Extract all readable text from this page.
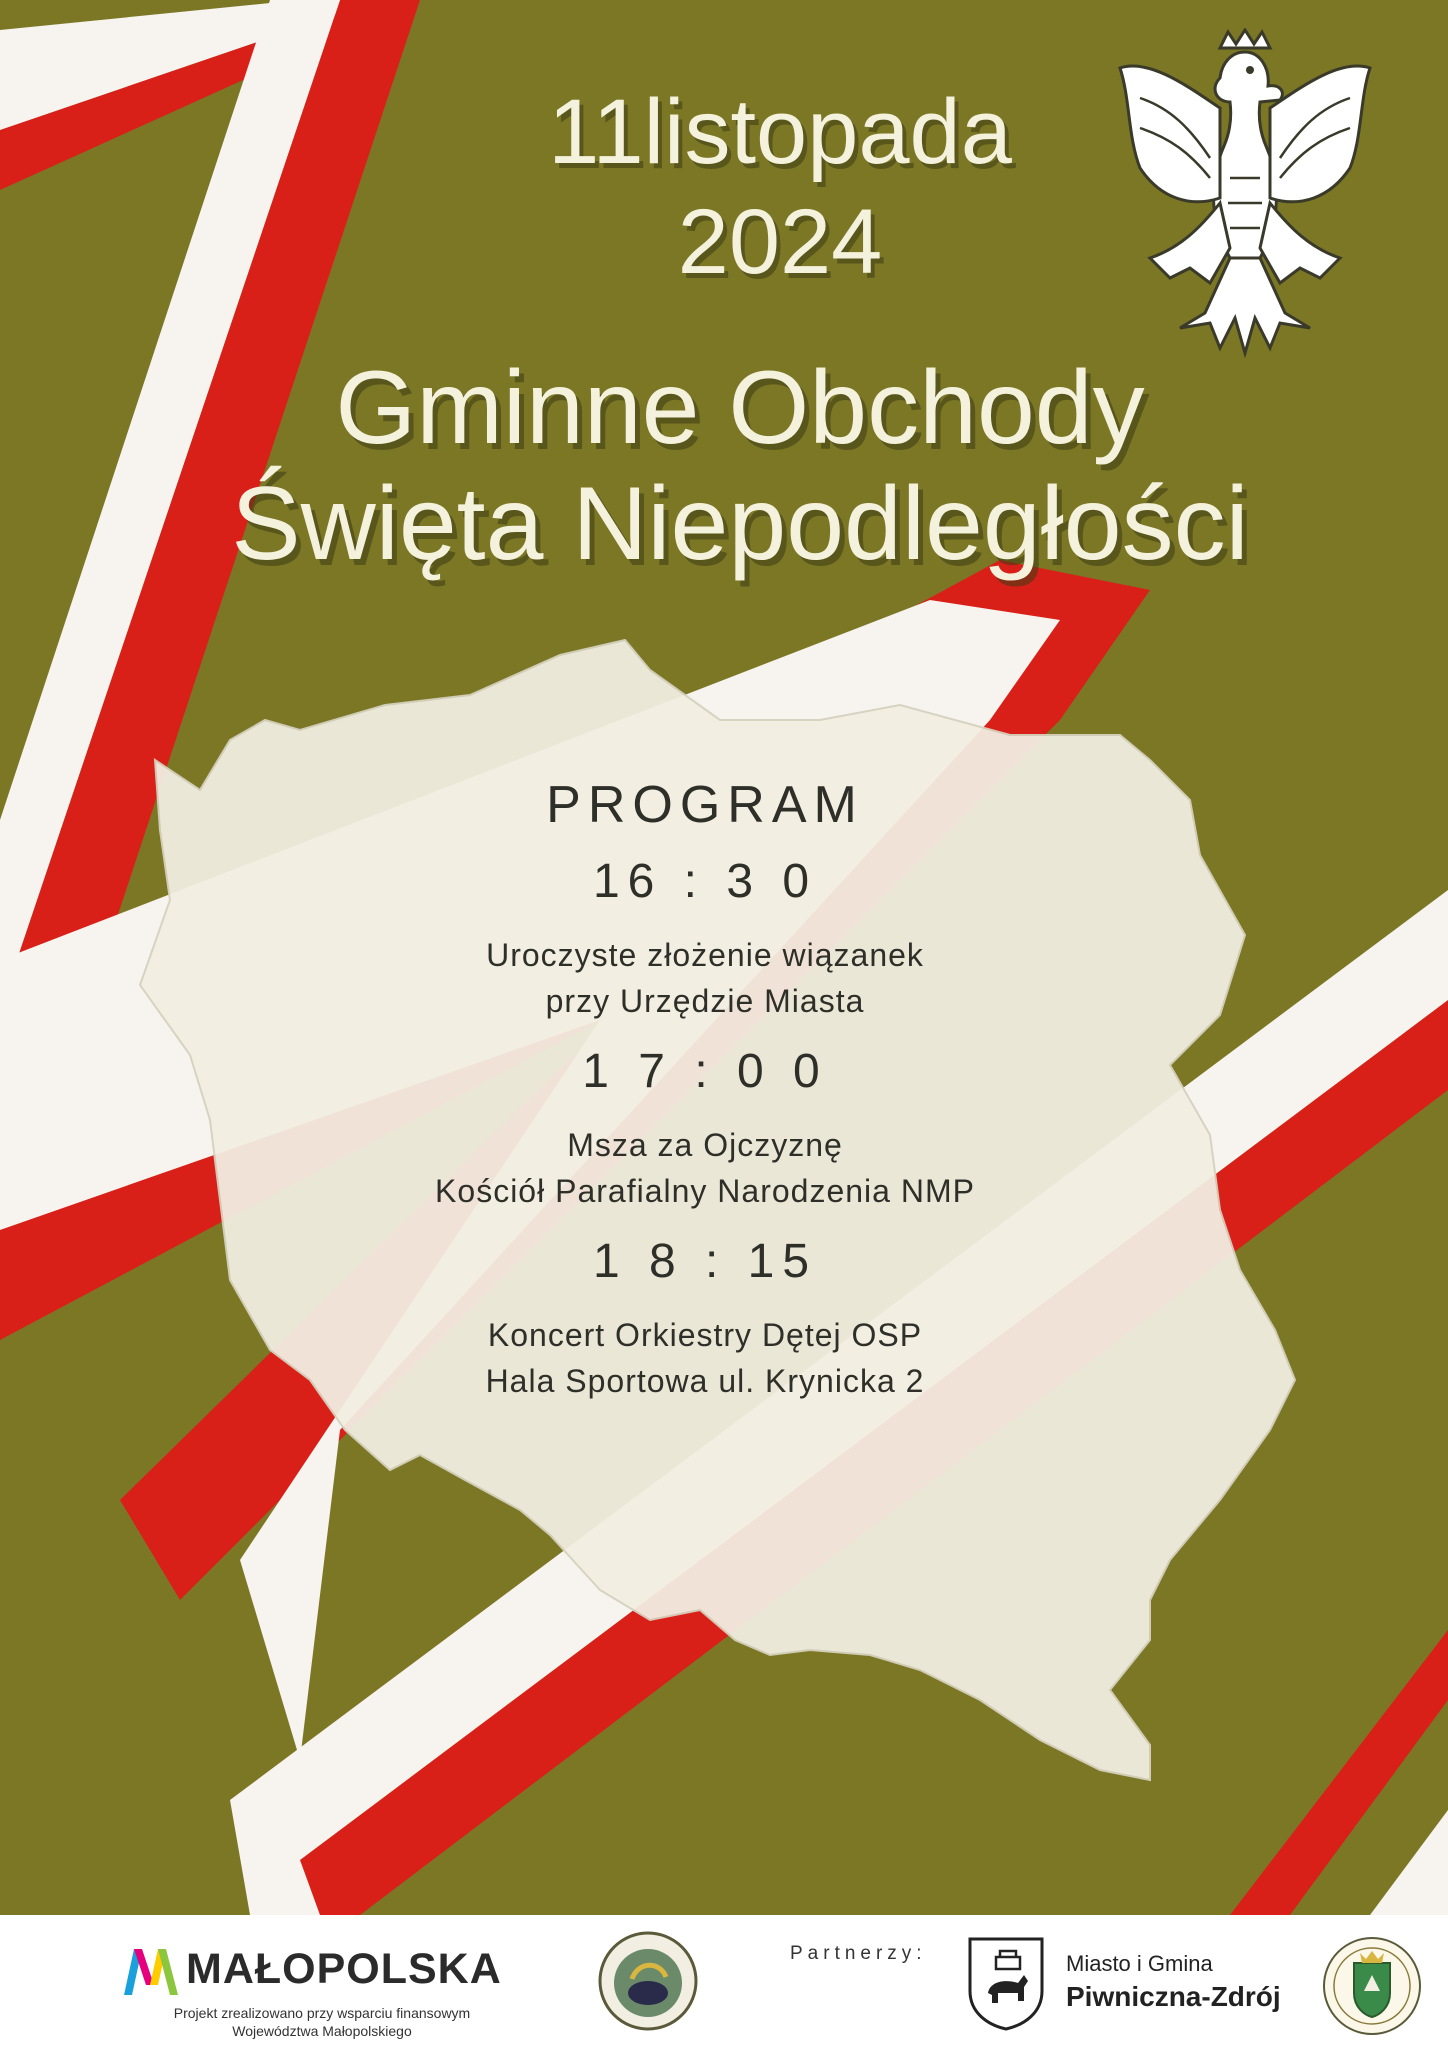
11listopada
2024
Gminne Obchody
Święta Niepodległości
PROGRAM
16 : 3 0
Uroczyste złożenie wiązanek
przy Urzędzie Miasta
1 7 : 0 0
Msza za Ojczyznę
Kościół Parafialny Narodzenia NMP
1 8 : 15
Koncert Orkiestry Dętej OSP
Hala Sportowa ul. Krynicka 2
MAŁOPOLSKA
Projekt zrealizowano przy wsparciu finansowym
Województwa Małopolskiego
Partnerzy:	Miasto i Gmina
Piwniczna-Zdrój
